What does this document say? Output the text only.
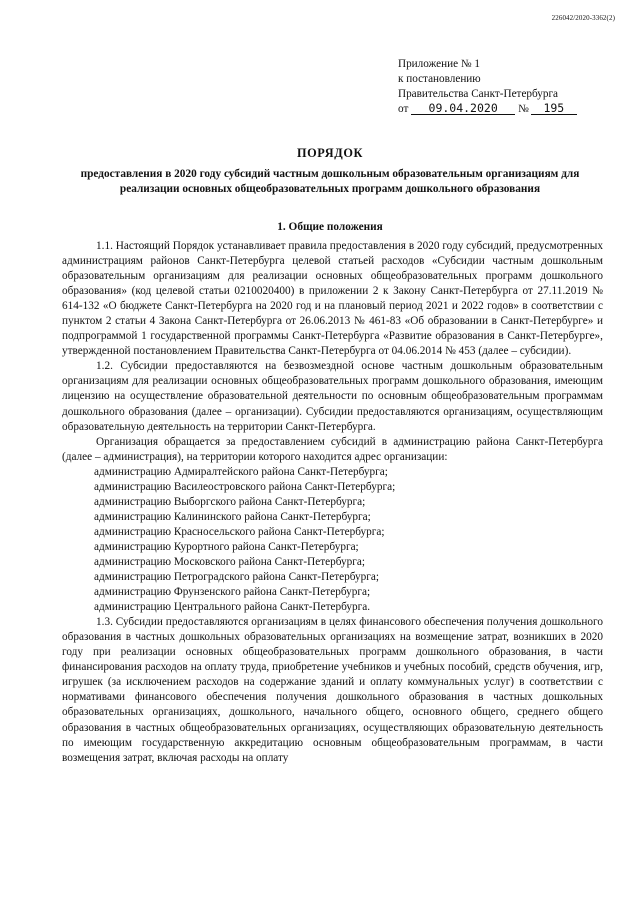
226042/2020-3362(2)
Приложение № 1
к постановлению
Правительства Санкт-Петербурга
от 09.04.2020 № 195
ПОРЯДОК
предоставления в 2020 году субсидий частным дошкольным образовательным организациям для реализации основных общеобразовательных программ дошкольного образования
1. Общие положения

1.1. Настоящий Порядок устанавливает правила предоставления в 2020 году субсидий, предусмотренных администрациям районов Санкт-Петербурга целевой статьей расходов «Субсидии частным дошкольным образовательным организациям для реализации основных общеобразовательных программ дошкольного образования» (код целевой статьи 0210020400) в приложении 2 к Закону Санкт-Петербурга от 27.11.2019 № 614-132 «О бюджете Санкт-Петербурга на 2020 год и на плановый период 2021 и 2022 годов» в соответствии с пунктом 2 статьи 4 Закона Санкт-Петербурга от 26.06.2013 № 461-83 «Об образовании в Санкт-Петербурге» и подпрограммой 1 государственной программы Санкт-Петербурга «Развитие образования в Санкт-Петербурге», утвержденной постановлением Правительства Санкт-Петербурга от 04.06.2014 № 453 (далее – субсидии).

1.2. Субсидии предоставляются на безвозмездной основе частным дошкольным образовательным организациям для реализации основных общеобразовательных программ дошкольного образования, имеющим лицензию на осуществление образовательной деятельности по основным общеобразовательным программам дошкольного образования (далее – организации). Субсидии предоставляются организациям, осуществляющим образовательную деятельность на территории Санкт-Петербурга.

Организация обращается за предоставлением субсидий в администрацию района Санкт-Петербурга (далее – администрация), на территории которого находится адрес организации:

администрацию Адмиралтейского района Санкт-Петербурга;
администрацию Василеостровского района Санкт-Петербурга;
администрацию Выборгского района Санкт-Петербурга;
администрацию Калининского района Санкт-Петербурга;
администрацию Красносельского района Санкт-Петербурга;
администрацию Курортного района Санкт-Петербурга;
администрацию Московского района Санкт-Петербурга;
администрацию Петроградского района Санкт-Петербурга;
администрацию Фрунзенского района Санкт-Петербурга;
администрацию Центрального района Санкт-Петербурга.

1.3. Субсидии предоставляются организациям в целях финансового обеспечения получения дошкольного образования в частных дошкольных образовательных организациях на возмещение затрат, возникших в 2020 году при реализации основных общеобразовательных программ дошкольного образования, в части финансирования расходов на оплату труда, приобретение учебников и учебных пособий, средств обучения, игр, игрушек (за исключением расходов на содержание зданий и оплату коммунальных услуг) в соответствии с нормативами финансового обеспечения получения дошкольного образования в частных дошкольных образовательных организациях, дошкольного, начального общего, основного общего, среднего общего образования в частных общеобразовательных организациях, осуществляющих образовательную деятельность по имеющим государственную аккредитацию основным общеобразовательным программам, в части возмещения затрат, включая расходы на оплату
